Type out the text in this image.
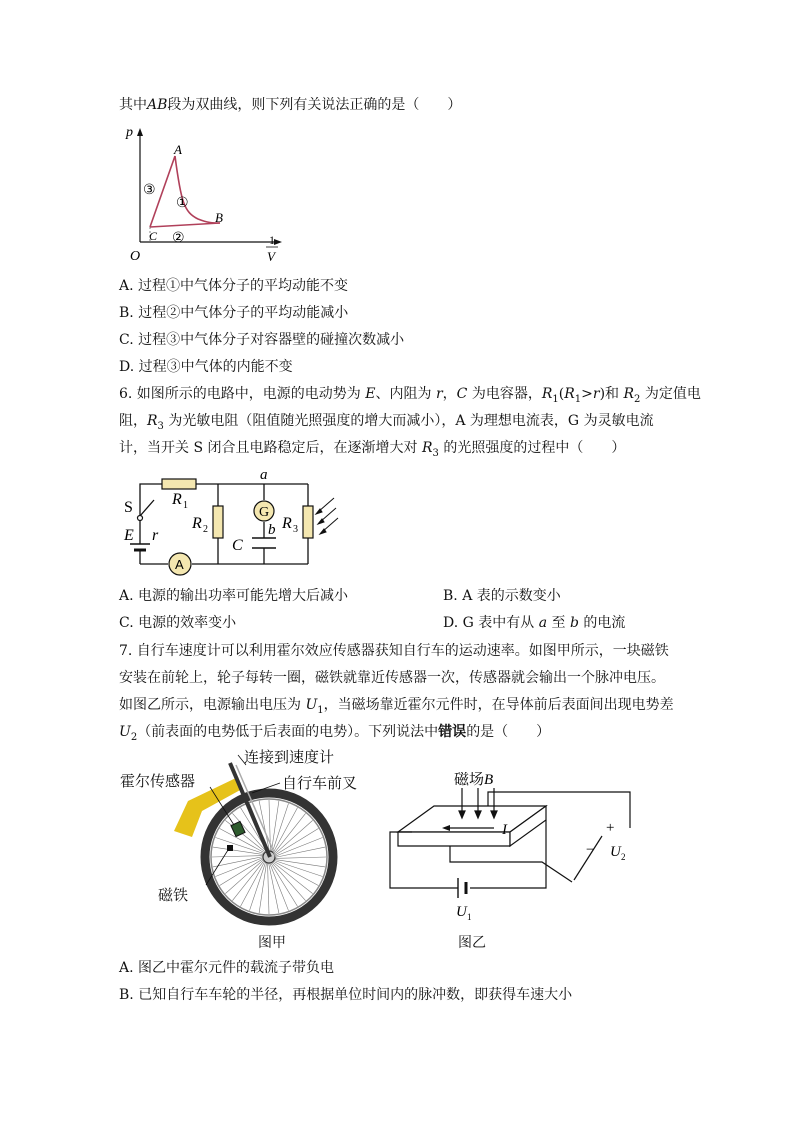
其中AB段为双曲线，则下列有关说法正确的是（　　）
p
A
B
C
①
②
③
O
1
V
A. 过程①中气体分子的平均动能不变
B. 过程②中气体分子的平均动能减小
C. 过程③中气体分子对容器壁的碰撞次数减小
D. 过程③中气体的内能不变
6. 如图所示的电路中，电源的电动势为 E、内阻为 r，C 为电容器，$R_1(R_1>r)$和 $R_2$ 为定值电
阻，$R_3$ 为光敏电阻（阻值随光照强度的增大而减小），A 为理想电流表，G 为灵敏电流
计，当开关 S 闭合且电路稳定后，在逐渐增大对 $R_3$ 的光照强度的过程中（　　）
G
A
a
b
S
E r
C
R 1
R 2	R 3
A. 电源的输出功率可能先增大后减小	B. A 表的示数变小
C. 电源的效率变小	D. G 表中有从 a 至 b 的电流
7. 自行车速度计可以利用霍尔效应传感器获知自行车的运动速率。如图甲所示，一块磁铁
安装在前轮上，轮子每转一圈，磁铁就靠近传感器一次，传感器就会输出一个脉冲电压。
如图乙所示，电源输出电压为 $U_1$，当磁场靠近霍尔元件时，在导体前后表面间出现电势差
$U_2$（前表面的电势低于后表面的电势）。下列说法中错误的是（　　）
连接到速度计
霍尔传感器	自行车前叉
磁铁
图甲
磁场 B
I	+
− U 2
U 1
图乙
A. 图乙中霍尔元件的载流子带负电
B. 已知自行车车轮的半径，再根据单位时间内的脉冲数，即获得车速大小
